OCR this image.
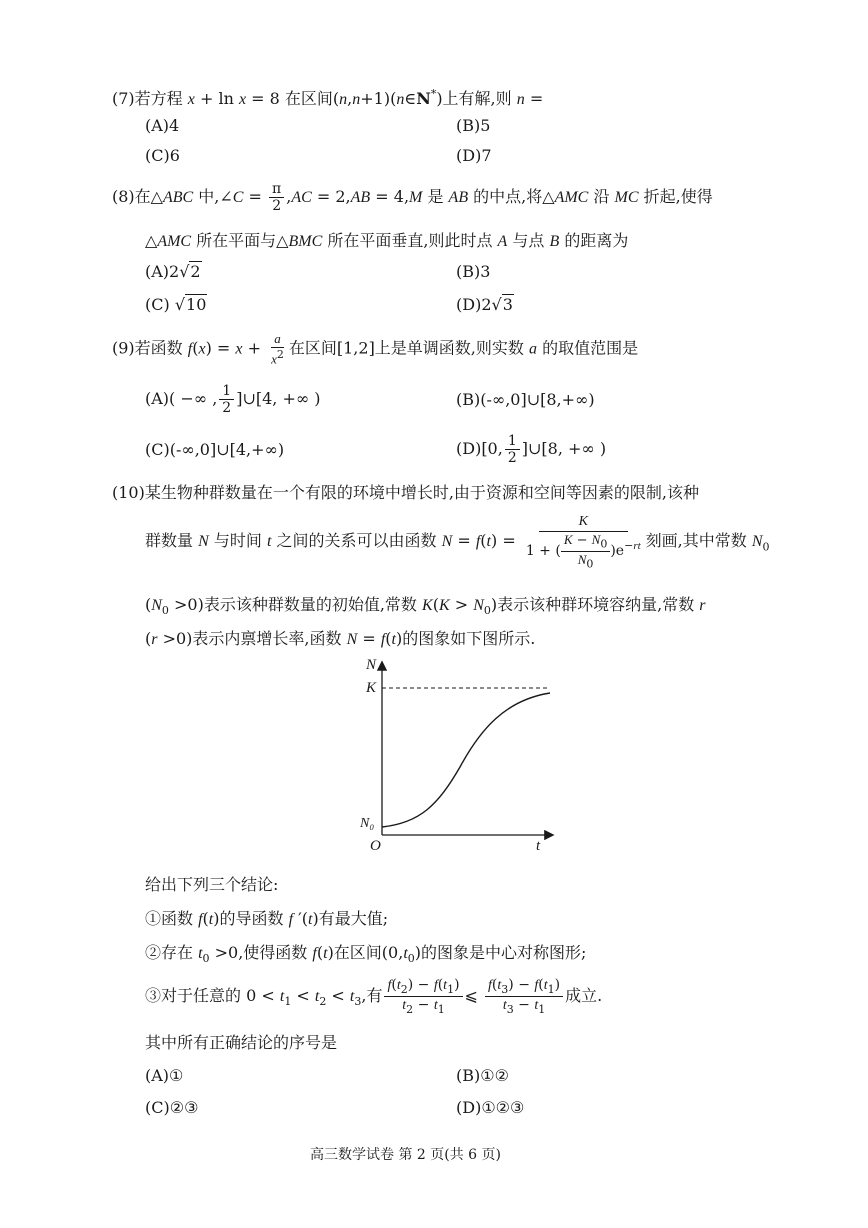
(7)若方程 x + ln x = 8 在区间(n,n+1)(n∈N*)上有解,则 n =
(A)4	(B)5
(C)6	(D)7
(8)在△ABC 中,∠C = $\frac{\pi}{2} ,AC = 2,AB = 4,M$ 是 AB 的中点,将△AMC 沿 MC 折起,使得
△AMC 所在平面与△BMC 所在平面垂直,则此时点 A 与点 B 的距离为
(A)2√2	(B)3
(C) √10	(D)2√3
(9)若函数 $f(x) = x + \frac{a}{x^2}$ 在区间[1,2]上是单调函数,则实数 a 的取值范围是
(A)( −∞ , $\frac{1}{2}$ ]∪[4, +∞ )	(B)(-∞,0]∪[8,+∞)
(C)(-∞,0]∪[4,+∞)	(D)[0, $\frac{1}{2}$ ]∪[8, +∞ )
(10)某生物种群数量在一个有限的环境中增长时,由于资源和空间等因素的限制,该种
群数量 N 与时间 t 之间的关系可以由函数 $N = f(t) = \frac{K}{1 + ( \frac{K - N_0}{N_0} )e^{-rt}}$ 刻画,其中常数 $N_0$
$(N_0 >0)$表示该种群数量的初始值,常数 $K(K > N_0)$表示该种群环境容纳量,常数 r
(r >0)表示内禀增长率,函数 N = f(t)的图象如下图所示.
N
K
N₀
O	t
给出下列三个结论:
①函数 f(t)的导函数 f ′(t)有最大值;
②存在 $t_0 >0$,使得函数 f(t)在区间$(0,t_0)$的图象是中心对称图形;
③对于任意的 $0 < t_1 < t_2 < t_3$,有 $\frac{f(t_2) - f(t_1)}{t_2 - t_1}$ ⩽ $\frac{f(t_3) - f(t_1)}{t_3 - t_1}$ 成立.
其中所有正确结论的序号是
(A)①	(B)①②
(C)②③	(D)①②③
高三数学试卷 第 2 页(共 6 页)
